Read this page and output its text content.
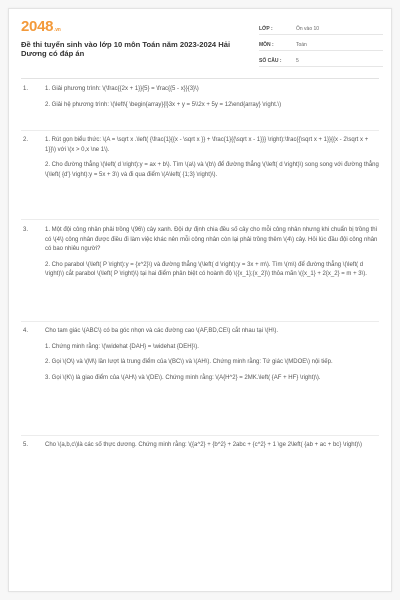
2048.vn
Đề thi tuyển sinh vào lớp 10 môn Toán năm 2023-2024 Hải Dương có đáp án
LỚP :	Ôn vào 10
MÔN :	Toán
SỐ CÂU :	5
1.	1. Giải phương trình: \(\frac{{2x + 1}}{5} = \frac{{5 - x}}{3}\)
2. Giải hệ phương trình: \(\left\{ \begin{array}{l}3x + y = 5\\2x + 5y = 12\end{array} \right.\)
2.	1. Rút gọn biểu thức: \(A = \sqrt x .\left( {\frac{1}{{x - \sqrt x }} + \frac{1}{{\sqrt x - 1}}} \right):\frac{{\sqrt x + 1}}{{x - 2\sqrt x + 1}}\) với \(x > 0,x \ne 1\).
2. Cho đường thẳng \(\left( d \right):y = ax + b\). Tìm \(a\) và \(b\) để đường thẳng \(\left( d \right)\) song song với đường thẳng \(\left( {d'} \right):y = 5x + 3\) và đi qua điểm \(A\left( {1;3} \right)\).
3.	1. Một đội công nhân phải trồng \(96\) cây xanh. Đội dự định chia đều số cây cho mỗi công nhân nhưng khi chuẩn bị trồng thì có \(4\) công nhân được điều đi làm việc khác nên mỗi công nhân còn lại phải trồng thêm \(4\) cây. Hỏi lúc đầu đội công nhân có bao nhiêu người?
2. Cho parabol \(\left( P \right):y = {x^2}\) và đường thẳng \(\left( d \right):y = 3x + m\). Tìm \(m\) để đường thẳng \(\left( d \right)\) cắt parabol \(\left( P \right)\) tại hai điểm phân biệt có hoành độ \({x_1};{x_2}\) thỏa mãn \({x_1} + 2{x_2} = m + 3\).
4.	Cho tam giác \(ABC\) có ba góc nhọn và các đường cao \(AF,BD,CE\) cắt nhau tại \(H\).
1. Chứng minh rằng: \(\widehat {DAH} = \widehat {DEH}\).
2. Gọi \(O\) và \(M\) lần lượt là trung điểm của \(BC\) và \(AH\). Chứng minh rằng: Tứ giác \(MDOE\) nội tiếp.
3. Gọi \(K\) là giao điểm của \(AH\) và \(DE\). Chứng minh rằng: \(A{H^2} = 2MK.\left( {AF + HF} \right)\).
5.	Cho \(a,b,c\)là các số thực dương. Chứng minh rằng: \({a^2} + {b^2} + 2abc + {c^2} + 1 \ge 2\left( {ab + ac + bc} \right)\)
